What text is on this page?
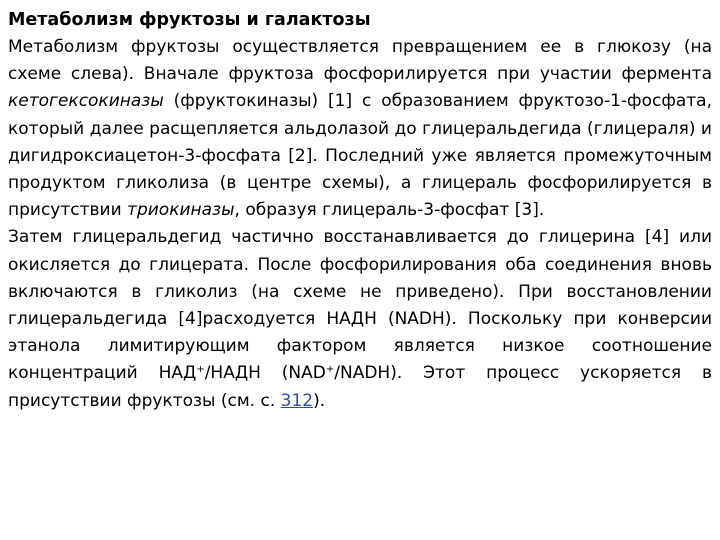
Метаболизм фруктозы и галактозы

Метаболизм фруктозы осуществляется превращением ее в глюкозу (на схеме слева). Вначале фруктоза фосфорилируется при участии фермента кетогексокиназы (фруктокиназы) [1] с образованием фруктозо-1-фосфата, который далее расщепляется альдолазой до глицеральдегида (глицераля) и дигидроксиацетон-3-фосфата [2]. Последний уже является промежуточным продуктом гликолиза (в центре схемы), а глицераль фосфорилируется в присутствии триокиназы, образуя глицераль-3-фосфат [3].

Затем глицеральдегид частично восстанавливается до глицерина [4] или окисляется до глицерата. После фосфорилирования оба соединения вновь включаются в гликолиз (на схеме не приведено). При восстановлении глицеральдегида [4]расходуется НАДН (NADH). Поскольку при конверсии этанола лимитирующим фактором является низкое соотношение концентраций НАД+/НАДН (NAD+/NADH). Этот процесс ускоряется в присутствии фруктозы (см. с. 312).
